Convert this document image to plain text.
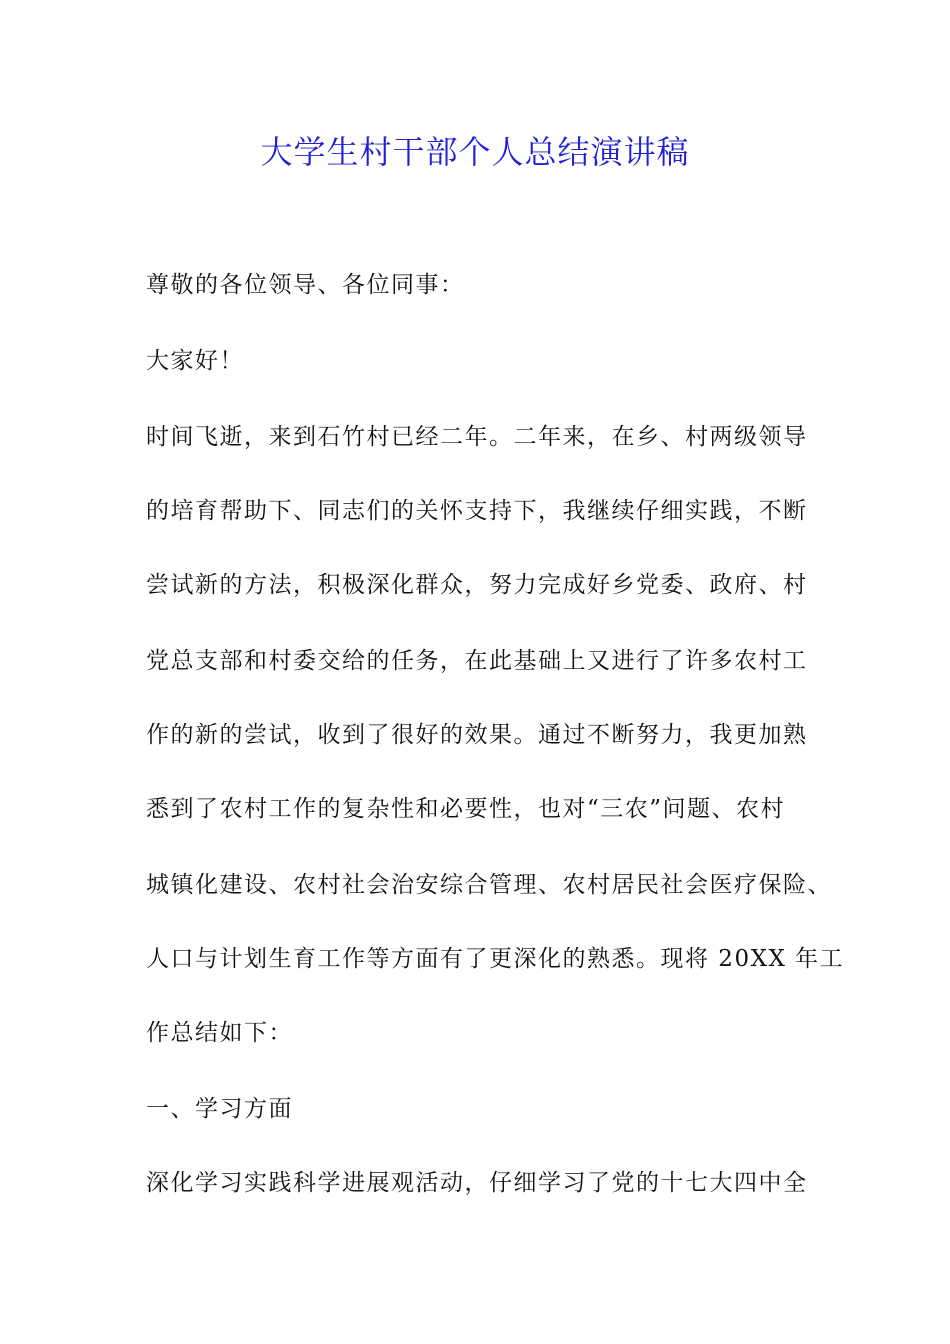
大学生村干部个人总结演讲稿
尊敬的各位领导、各位同事：
大家好！
时间飞逝，来到石竹村已经二年。二年来，在乡、村两级领导
的培育帮助下、同志们的关怀支持下，我继续仔细实践，不断
尝试新的方法，积极深化群众，努力完成好乡党委、政府、村
党总支部和村委交给的任务，在此基础上又进行了许多农村工
作的新的尝试，收到了很好的效果。通过不断努力，我更加熟
悉到了农村工作的复杂性和必要性，也对“三农”问题、农村
城镇化建设、农村社会治安综合管理、农村居民社会医疗保险、
人口与计划生育工作等方面有了更深化的熟悉。现将 20XX 年工
作总结如下：
一、学习方面
深化学习实践科学进展观活动，仔细学习了党的十七大四中全
